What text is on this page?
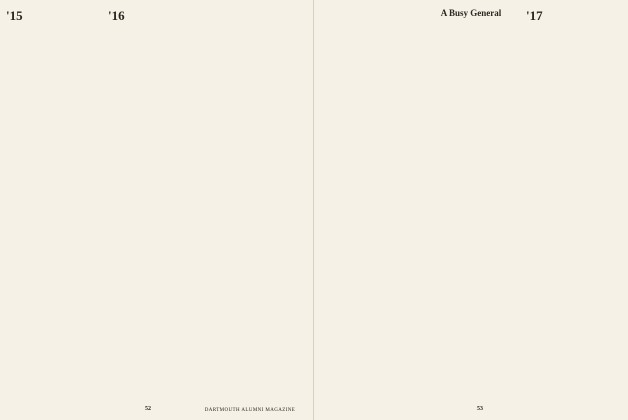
'15	'16
52	DARTMOUTH ALUMNI MAGAZINE
A Busy General	'17
53
